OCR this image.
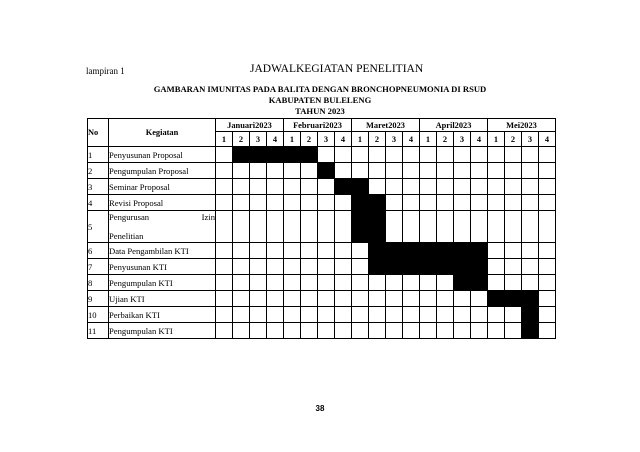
lampiran 1	JADWALKEGIATAN PENELITIAN
GAMBARAN IMUNITAS PADA BALITA DENGAN BRONCHOPNEUMONIA DI RSUD
KABUPATEN BULELENG
TAHUN 2023
No	Kegiatan	Januari2023				Februari2023				Maret2023				April2023				Mei2023			
		1	2	3	4	1	2	3	4	1	2	3	4	1	2	3	4	1	2	3	4
1	Penyusunan Proposal																				
2	Pengumpulan Proposal																				
3	Seminar Proposal																				
4	Revisi Proposal																				
5	Pengurusan Izin
Penelitian																				

6	Data Pengambilan KTI																				
7	Penyusunan KTI																				
8	Pengumpulan KTI																				
9	Ujian KTI																				
10	Perbaikan KTI																				
11	Pengumpulan KTI																				
38
